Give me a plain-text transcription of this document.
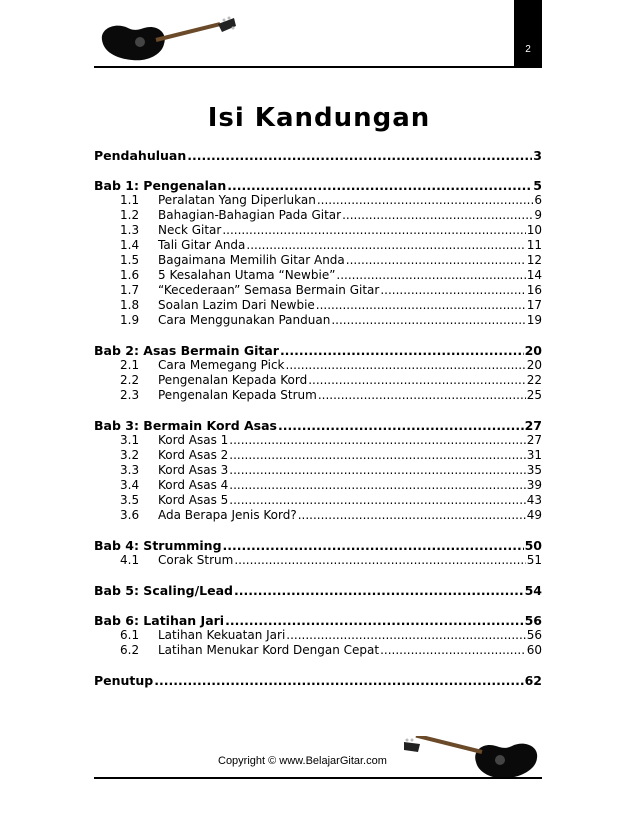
2
Isi Kandungan
Pendahuluan .....	3
Bab 1: Pengenalan .....	5
1.1	Peralatan Yang Diperlukan .....	6
1.2	Bahagian-Bahagian Pada Gitar .....	9
1.3	Neck Gitar .....	10
1.4	Tali Gitar Anda .....	11
1.5	Bagaimana Memilih Gitar Anda .....	12
1.6	5 Kesalahan Utama “Newbie” .....	14
1.7	“Kecederaan” Semasa Bermain Gitar .....	16
1.8	Soalan Lazim Dari Newbie .....	17
1.9	Cara Menggunakan Panduan .....	19
Bab 2: Asas Bermain Gitar .....	20
2.1	Cara Memegang Pick .....	20
2.2	Pengenalan Kepada Kord .....	22
2.3	Pengenalan Kepada Strum .....	25
Bab 3: Bermain Kord Asas .....	27
3.1	Kord Asas 1 .....	27
3.2	Kord Asas 2 .....	31
3.3	Kord Asas 3 .....	35
3.4	Kord Asas 4 .....	39
3.5	Kord Asas 5 .....	43
3.6	Ada Berapa Jenis Kord? .....	49
Bab 4: Strumming .....	50
4.1	Corak Strum .....	51
Bab 5: Scaling/Lead .....	54
Bab 6: Latihan Jari .....	56
6.1	Latihan Kekuatan Jari .....	56
6.2	Latihan Menukar Kord Dengan Cepat .....	60
Penutup .....	62
Copyright © www.BelajarGitar.com
